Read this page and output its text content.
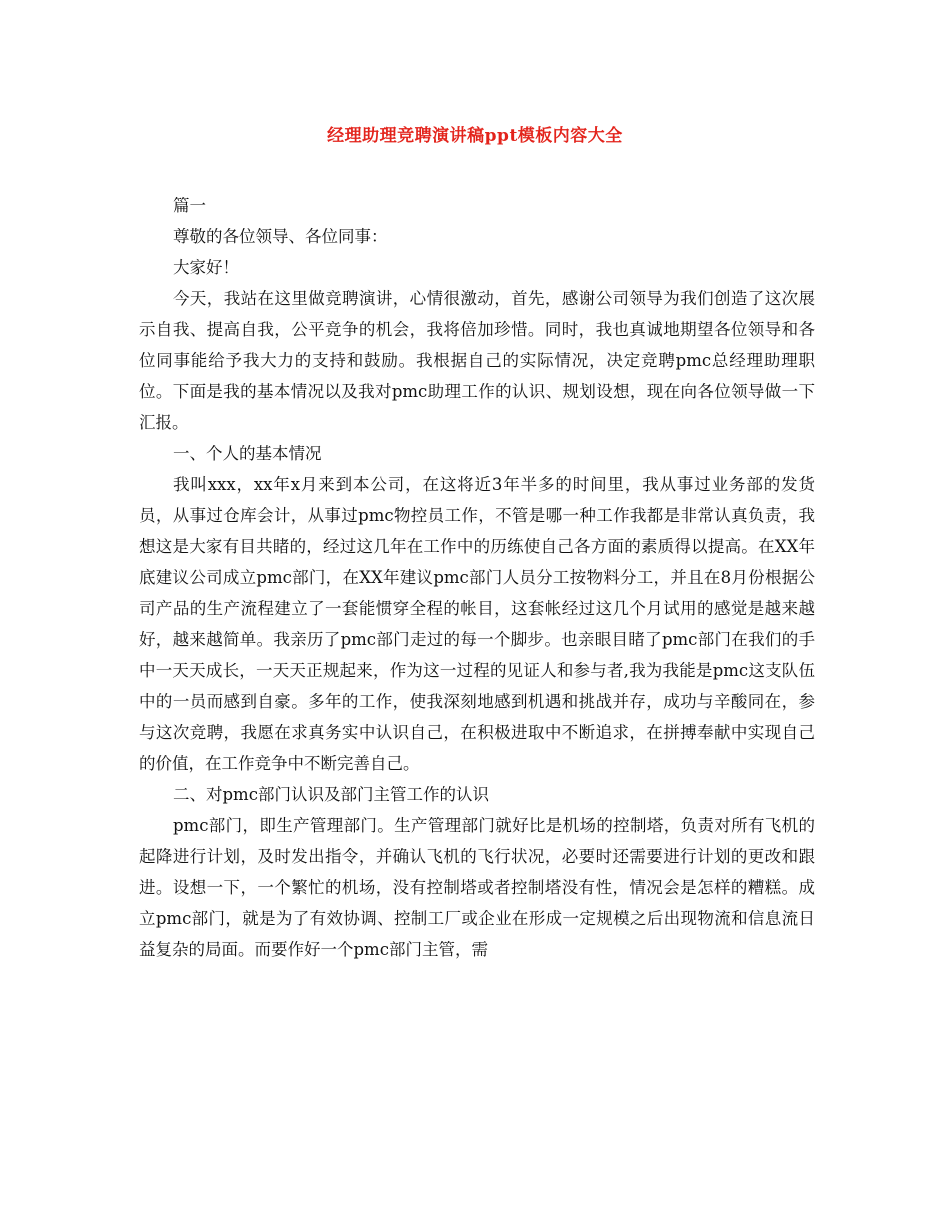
经理助理竞聘演讲稿ppt模板内容大全

篇一

尊敬的各位领导、各位同事：

大家好！

今天，我站在这里做竞聘演讲，心情很激动，首先，感谢公司领导为我们创造了这次展示自我、提高自我，公平竞争的机会，我将倍加珍惜。同时，我也真诚地期望各位领导和各位同事能给予我大力的支持和鼓励。我根据自己的实际情况，决定竞聘pmc总经理助理职位。下面是我的基本情况以及我对pmc助理工作的认识、规划设想，现在向各位领导做一下汇报。

一、个人的基本情况

我叫xxx，xx年x月来到本公司，在这将近3年半多的时间里，我从事过业务部的发货员，从事过仓库会计，从事过pmc物控员工作，不管是哪一种工作我都是非常认真负责，我想这是大家有目共睹的，经过这几年在工作中的历练使自己各方面的素质得以提高。在XX年底建议公司成立pmc部门，在XX年建议pmc部门人员分工按物料分工，并且在8月份根据公司产品的生产流程建立了一套能惯穿全程的帐目，这套帐经过这几个月试用的感觉是越来越好，越来越简单。我亲历了pmc部门走过的每一个脚步。也亲眼目睹了pmc部门在我们的手中一天天成长，一天天正规起来，作为这一过程的见证人和参与者,我为我能是pmc这支队伍中的一员而感到自豪。多年的工作，使我深刻地感到机遇和挑战并存，成功与辛酸同在，参与这次竞聘，我愿在求真务实中认识自己，在积极进取中不断追求，在拼搏奉献中实现自己的价值，在工作竞争中不断完善自己。

二、对pmc部门认识及部门主管工作的认识

pmc部门，即生产管理部门。生产管理部门就好比是机场的控制塔，负责对所有飞机的起降进行计划，及时发出指令，并确认飞机的飞行状况，必要时还需要进行计划的更改和跟进。设想一下，一个繁忙的机场，没有控制塔或者控制塔没有性，情况会是怎样的糟糕。成立pmc部门，就是为了有效协调、控制工厂或企业在形成一定规模之后出现物流和信息流日益复杂的局面。而要作好一个pmc部门主管，需
